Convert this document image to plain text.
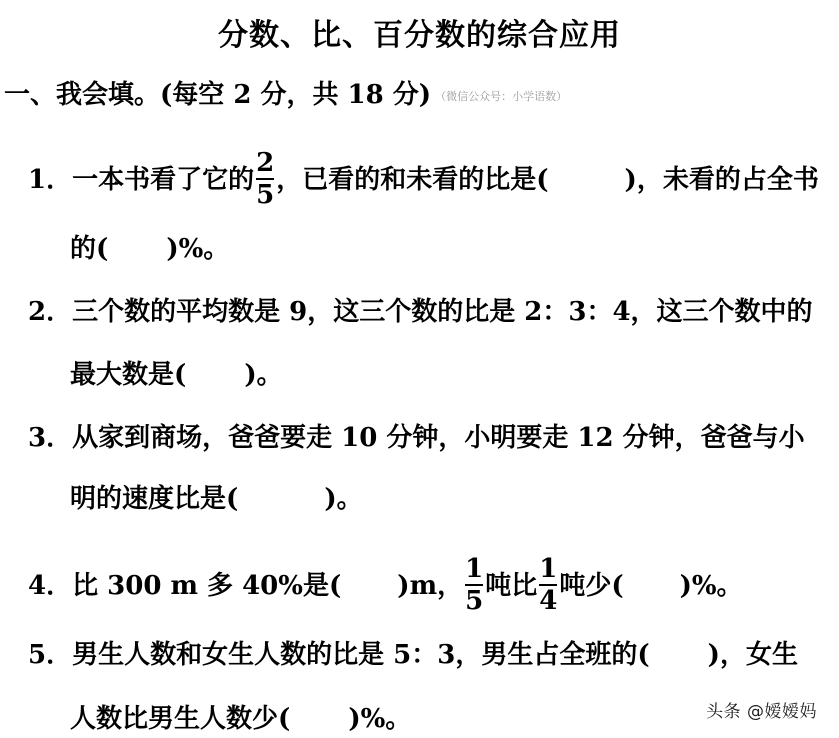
分数、比、百分数的综合应用
一、我会填。(每空 2 分，共 18 分) （微信公众号：小学语数）
1．一本书看了它的 $\frac{2}{5}$ ，已看的和未看的比是(	)，未看的占全书
的( )%。
2．三个数的平均数是 9，这三个数的比是 2：3：4，这三个数中的
最大数是( )。
3．从家到商场，爸爸要走 10 分钟，小明要走 12 分钟，爸爸与小
明的速度比是(	)。
4．比 300 m 多 40%是( )m， $\frac{1}{5}$ 吨比 $\frac{1}{4}$ 吨少( )%。
5．男生人数和女生人数的比是 5：3，男生占全班的( )，女生
人数比男生人数少( )%。	头条 @嫒嫒妈
